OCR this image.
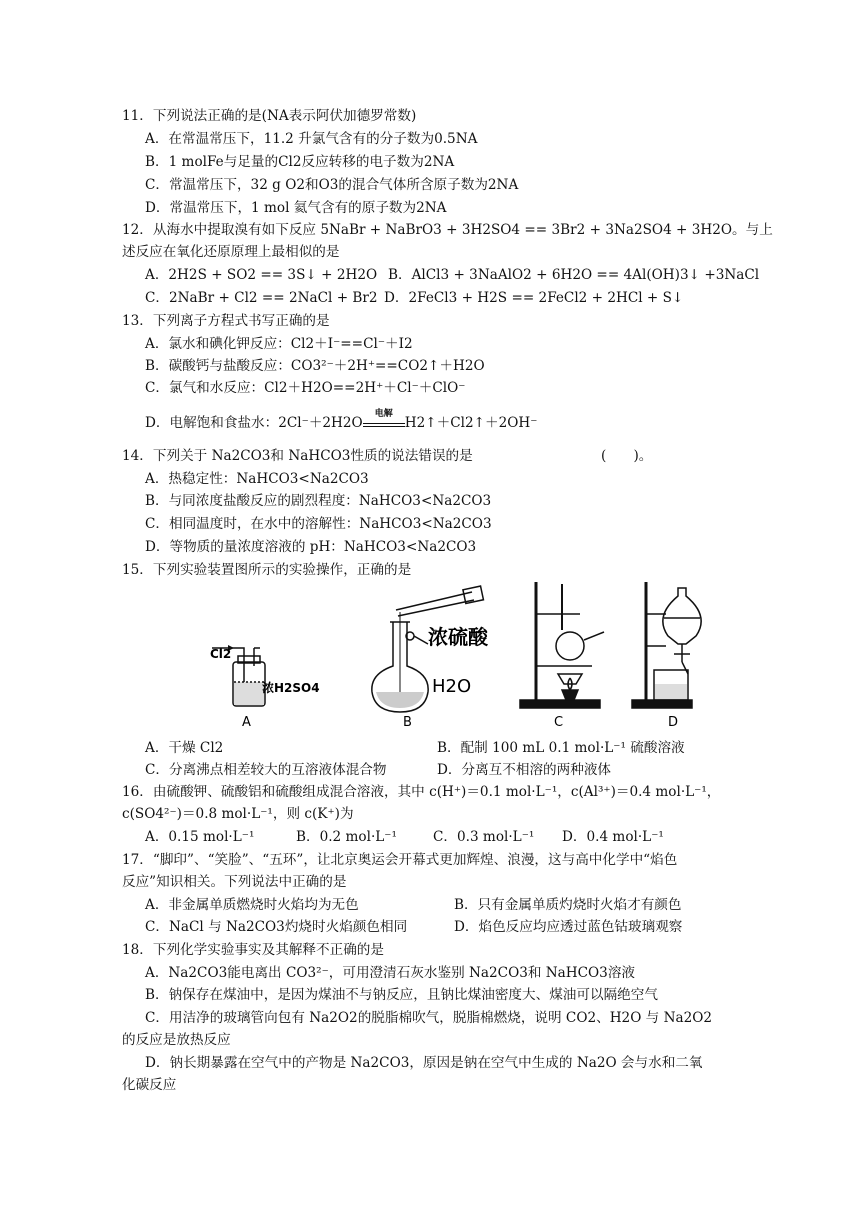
11．下列说法正确的是(NA表示阿伏加德罗常数)
A．在常温常压下，11.2 升氯气含有的分子数为0.5NA
B．1 molFe与足量的Cl2反应转移的电子数为2NA
C．常温常压下，32 g O2和O3的混合气体所含原子数为2NA
D．常温常压下，1 mol 氦气含有的原子数为2NA
12．从海水中提取溴有如下反应 5NaBr + NaBrO3 + 3H2SO4 == 3Br2 + 3Na2SO4 + 3H2O。与上
述反应在氧化还原原理上最相似的是
A．2H2S + SO2 == 3S↓ + 2H2O B．AlCl3 + 3NaAlO2 + 6H2O == 4Al(OH)3↓ +3NaCl
C．2NaBr + Cl2 == 2NaCl + Br2 D．2FeCl3 + H2S == 2FeCl2 + 2HCl + S↓
13．下列离子方程式书写正确的是
A．氯水和碘化钾反应：Cl2＋I⁻==Cl⁻＋I2
B．碳酸钙与盐酸反应：CO3²⁻＋2H⁺==CO2↑＋H2O
C．氯气和水反应：Cl2＋H2O==2H⁺＋Cl⁻＋ClO⁻
D．电解饱和食盐水：2Cl⁻＋2H2O
电解
H2↑＋Cl2↑＋2OH⁻
14．下列关于 Na2CO3和 NaHCO3性质的说法错误的是	(　　)。
A．热稳定性：NaHCO3<Na2CO3
B．与同浓度盐酸反应的剧烈程度：NaHCO3<Na2CO3
C．相同温度时，在水中的溶解性：NaHCO3<Na2CO3
D．等物质的量浓度溶液的 pH：NaHCO3<Na2CO3
15．下列实验装置图所示的实验操作，正确的是
Cl2
浓H2SO4
A
浓硫酸
H2O
B	C	D
A．干燥 Cl2	B．配制 100 mL 0.1 mol·L⁻¹ 硫酸溶液
C．分离沸点相差较大的互溶液体混合物	D．分离互不相溶的两种液体
16．由硫酸钾、硫酸铝和硫酸组成混合溶液，其中 c(H⁺)＝0.1 mol·L⁻¹，c(Al³⁺)＝0.4 mol·L⁻¹，
c(SO4²⁻)＝0.8 mol·L⁻¹，则 c(K⁺)为
A．0.15 mol·L⁻¹	B．0.2 mol·L⁻¹	C．0.3 mol·L⁻¹ D．0.4 mol·L⁻¹
17．“脚印”、“笑脸”、“五环”，让北京奥运会开幕式更加辉煌、浪漫，这与高中化学中“焰色
反应”知识相关。下列说法中正确的是
A．非金属单质燃烧时火焰均为无色	B．只有金属单质灼烧时火焰才有颜色
C．NaCl 与 Na2CO3灼烧时火焰颜色相同	D．焰色反应均应透过蓝色钴玻璃观察
18．下列化学实验事实及其解释不正确的是
A．Na2CO3能电离出 CO3²⁻，可用澄清石灰水鉴别 Na2CO3和 NaHCO3溶液
B．钠保存在煤油中，是因为煤油不与钠反应，且钠比煤油密度大、煤油可以隔绝空气
C．用洁净的玻璃管向包有 Na2O2的脱脂棉吹气，脱脂棉燃烧，说明 CO2、H2O 与 Na2O2
的反应是放热反应
D．钠长期暴露在空气中的产物是 Na2CO3，原因是钠在空气中生成的 Na2O 会与水和二氧
化碳反应
